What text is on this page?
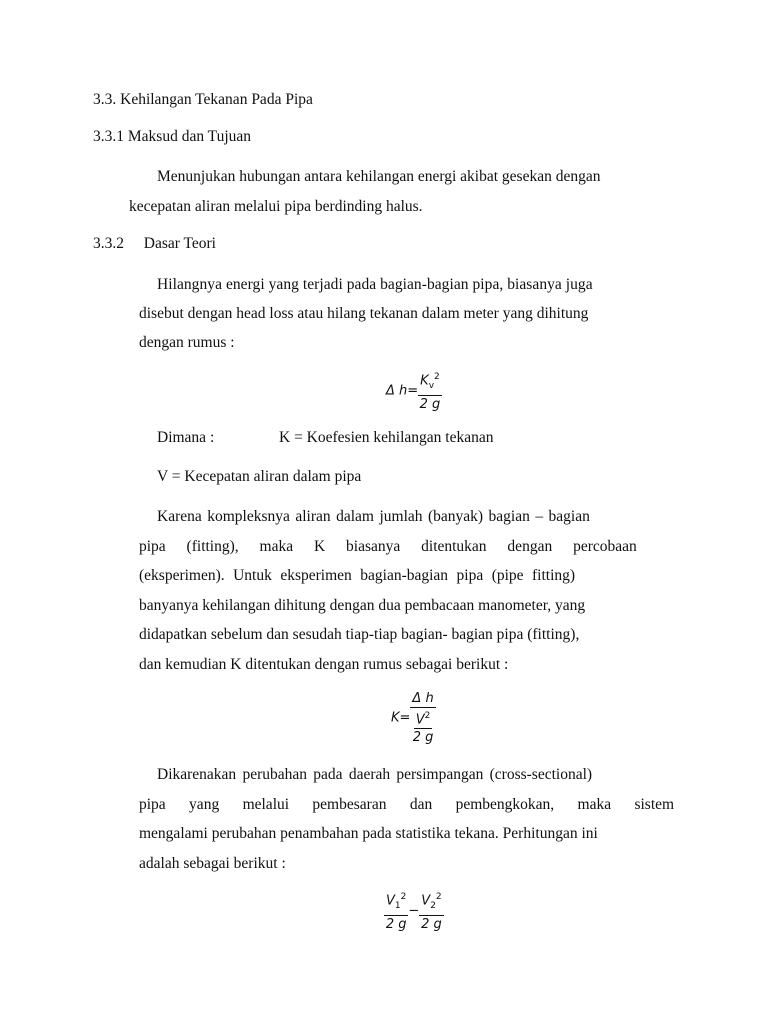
3.3. Kehilangan Tekanan Pada Pipa
3.3.1 Maksud dan Tujuan
Menunjukan hubungan antara kehilangan energi akibat gesekan dengan
kecepatan aliran melalui pipa berdinding halus.
3.3.2 Dasar Teori
Hilangnya energi yang terjadi pada bagian-bagian pipa, biasanya juga
disebut dengan head loss atau hilang tekanan dalam meter yang dihitung
dengan rumus :
Δ $h= \frac{K_v^2}{2 g}$
Dimana :	K = Koefesien kehilangan tekanan
V = Kecepatan aliran dalam pipa
Karena kompleksnya aliran dalam jumlah (banyak) bagian – bagian
pipa (fitting), maka K biasanya ditentukan dengan percobaan
(eksperimen). Untuk eksperimen bagian-bagian pipa (pipe fitting)
banyanya kehilangan dihitung dengan dua pembacaan manometer, yang
didapatkan sebelum dan sesudah tiap-tiap bagian- bagian pipa (fitting),
dan kemudian K ditentukan dengan rumus sebagai berikut :
$K= \frac{\text{Δ h}}{\frac{V^2}{2 g}}$
Dikarenakan perubahan pada daerah persimpangan (cross-sectional)
pipa yang melalui pembesaran dan pembengkokan, maka sistem
mengalami perubahan penambahan pada statistika tekana. Perhitungan ini
adalah sebagai berikut :
$\frac{V_1^2}{2 g} - \frac{V_2^2}{2 g}$
